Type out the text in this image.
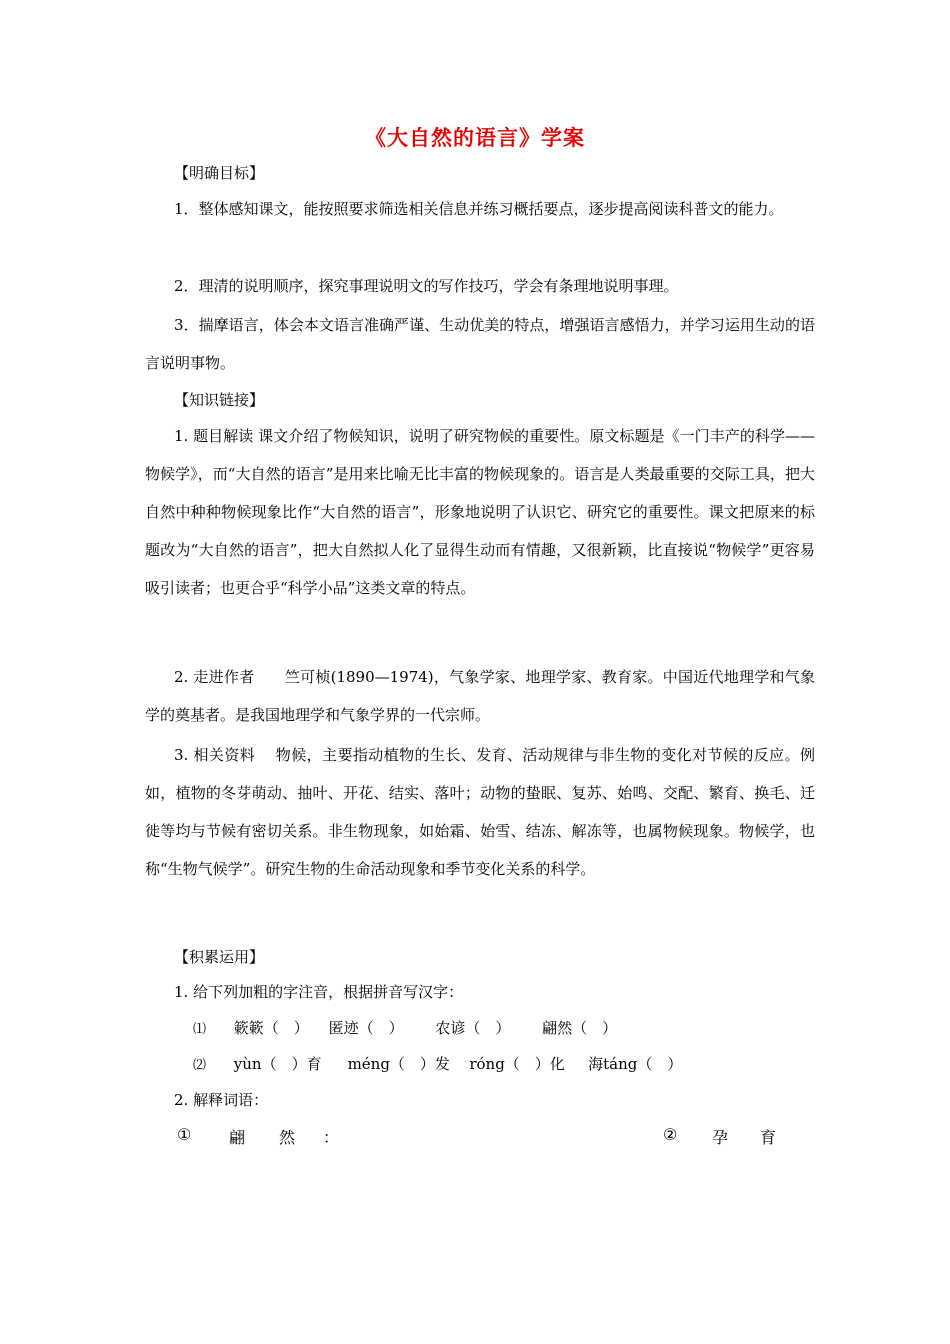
《大自然的语言》学案
【明确目标】

1．整体感知课文，能按照要求筛选相关信息并练习概括要点，逐步提高阅读科普文的能力。

2．理清的说明顺序，探究事理说明文的写作技巧，学会有条理地说明事理。

3．揣摩语言，体会本文语言准确严谨、生动优美的特点，增强语言感悟力，并学习运用生动的语言说明事物。

【知识链接】

1. 题目解读 课文介绍了物候知识，说明了研究物候的重要性。原文标题是《一门丰产的科学——物候学》，而“大自然的语言”是用来比喻无比丰富的物候现象的。语言是人类最重要的交际工具，把大自然中种种物候现象比作“大自然的语言”，形象地说明了认识它、研究它的重要性。课文把原来的标题改为“大自然的语言”，把大自然拟人化了显得生动而有情趣，又很新颖，比直接说“物候学”更容易吸引读者；也更合乎“科学小品”这类文章的特点。

2. 走进作者　　竺可桢(1890—1974)，气象学家、地理学家、教育家。中国近代地理学和气象学的奠基者。是我国地理学和气象学界的一代宗师。

3. 相关资料　 物候，主要指动植物的生长、发育、活动规律与非生物的变化对节候的反应。例如，植物的冬芽萌动、抽叶、开花、结实、落叶；动物的蛰眠、复苏、始鸣、交配、繁育、换毛、迁徙等均与节候有密切关系。非生物现象，如始霜、始雪、结冻、解冻等，也属物候现象。物候学，也称“生物气候学”。研究生物的生命活动现象和季节变化关系的科学。

【积累运用】
1. 给下列加粗的字注音，根据拼音写汉字：
⑴ 簌簌（　） 匿迹（　） 农谚（　） 翩然（　）
⑵ yùn（　）育 méng（　）发 róng（　）化 海táng（　）
2. 解释词语：
① 翩 然 ：	② 孕 育
